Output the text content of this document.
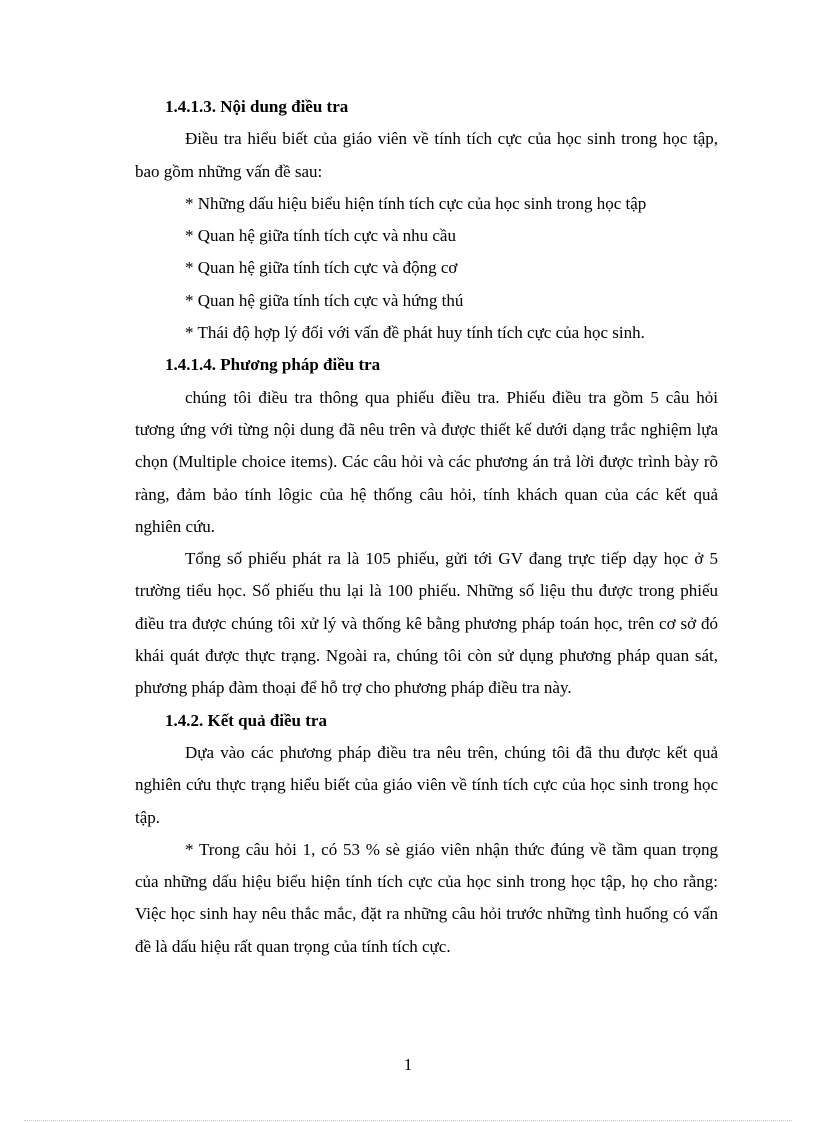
1.4.1.3. Nội dung điều tra

Điều tra hiểu biết của giáo viên về tính tích cực của học sinh trong học tập, bao gồm những vấn đề sau:

* Những dấu hiệu biểu hiện tính tích cực của học sinh trong học tập
* Quan hệ giữa tính tích cực và nhu cầu
* Quan hệ giữa tính tích cực và động cơ
* Quan hệ giữa tính tích cực và hứng thú
* Thái độ hợp lý đối với vấn đề phát huy tính tích cực của học sinh.
1.4.1.4. Phương pháp điều tra

chúng tôi điều tra thông qua phiếu điều tra. Phiếu điều tra gồm 5 câu hỏi tương ứng với từng nội dung đã nêu trên và được thiết kế dưới dạng trắc nghiệm lựa chọn (Multiple choice items). Các câu hỏi và các phương án trả lời được trình bày rõ ràng, đảm bảo tính lôgic của hệ thống câu hỏi, tính khách quan của các kết quả nghiên cứu.

Tổng số phiếu phát ra là 105 phiếu, gửi tới GV đang trực tiếp dạy học ở 5 trường tiểu học. Số phiếu thu lại là 100 phiếu. Những số liệu thu được trong phiếu điều tra được chúng tôi xử lý và thống kê bằng phương pháp toán học, trên cơ sở đó khái quát được thực trạng. Ngoài ra, chúng tôi còn sử dụng phương pháp quan sát, phương pháp đàm thoại để hỗ trợ cho phương pháp điều tra này.

1.4.2. Kết quả điều tra

Dựa vào các phương pháp điều tra nêu trên, chúng tôi đã thu được kết quả nghiên cứu thực trạng hiểu biết của giáo viên về tính tích cực của học sinh trong học tập.

* Trong câu hỏi 1, có 53 % sè giáo viên nhận thức đúng về tầm quan trọng của những dấu hiệu biểu hiện tính tích cực của học sinh trong học tập, họ cho rằng: Việc học sinh hay nêu thắc mắc, đặt ra những câu hỏi trước những tình huống có vấn đề là dấu hiệu rất quan trọng của tính tích cực.

1
